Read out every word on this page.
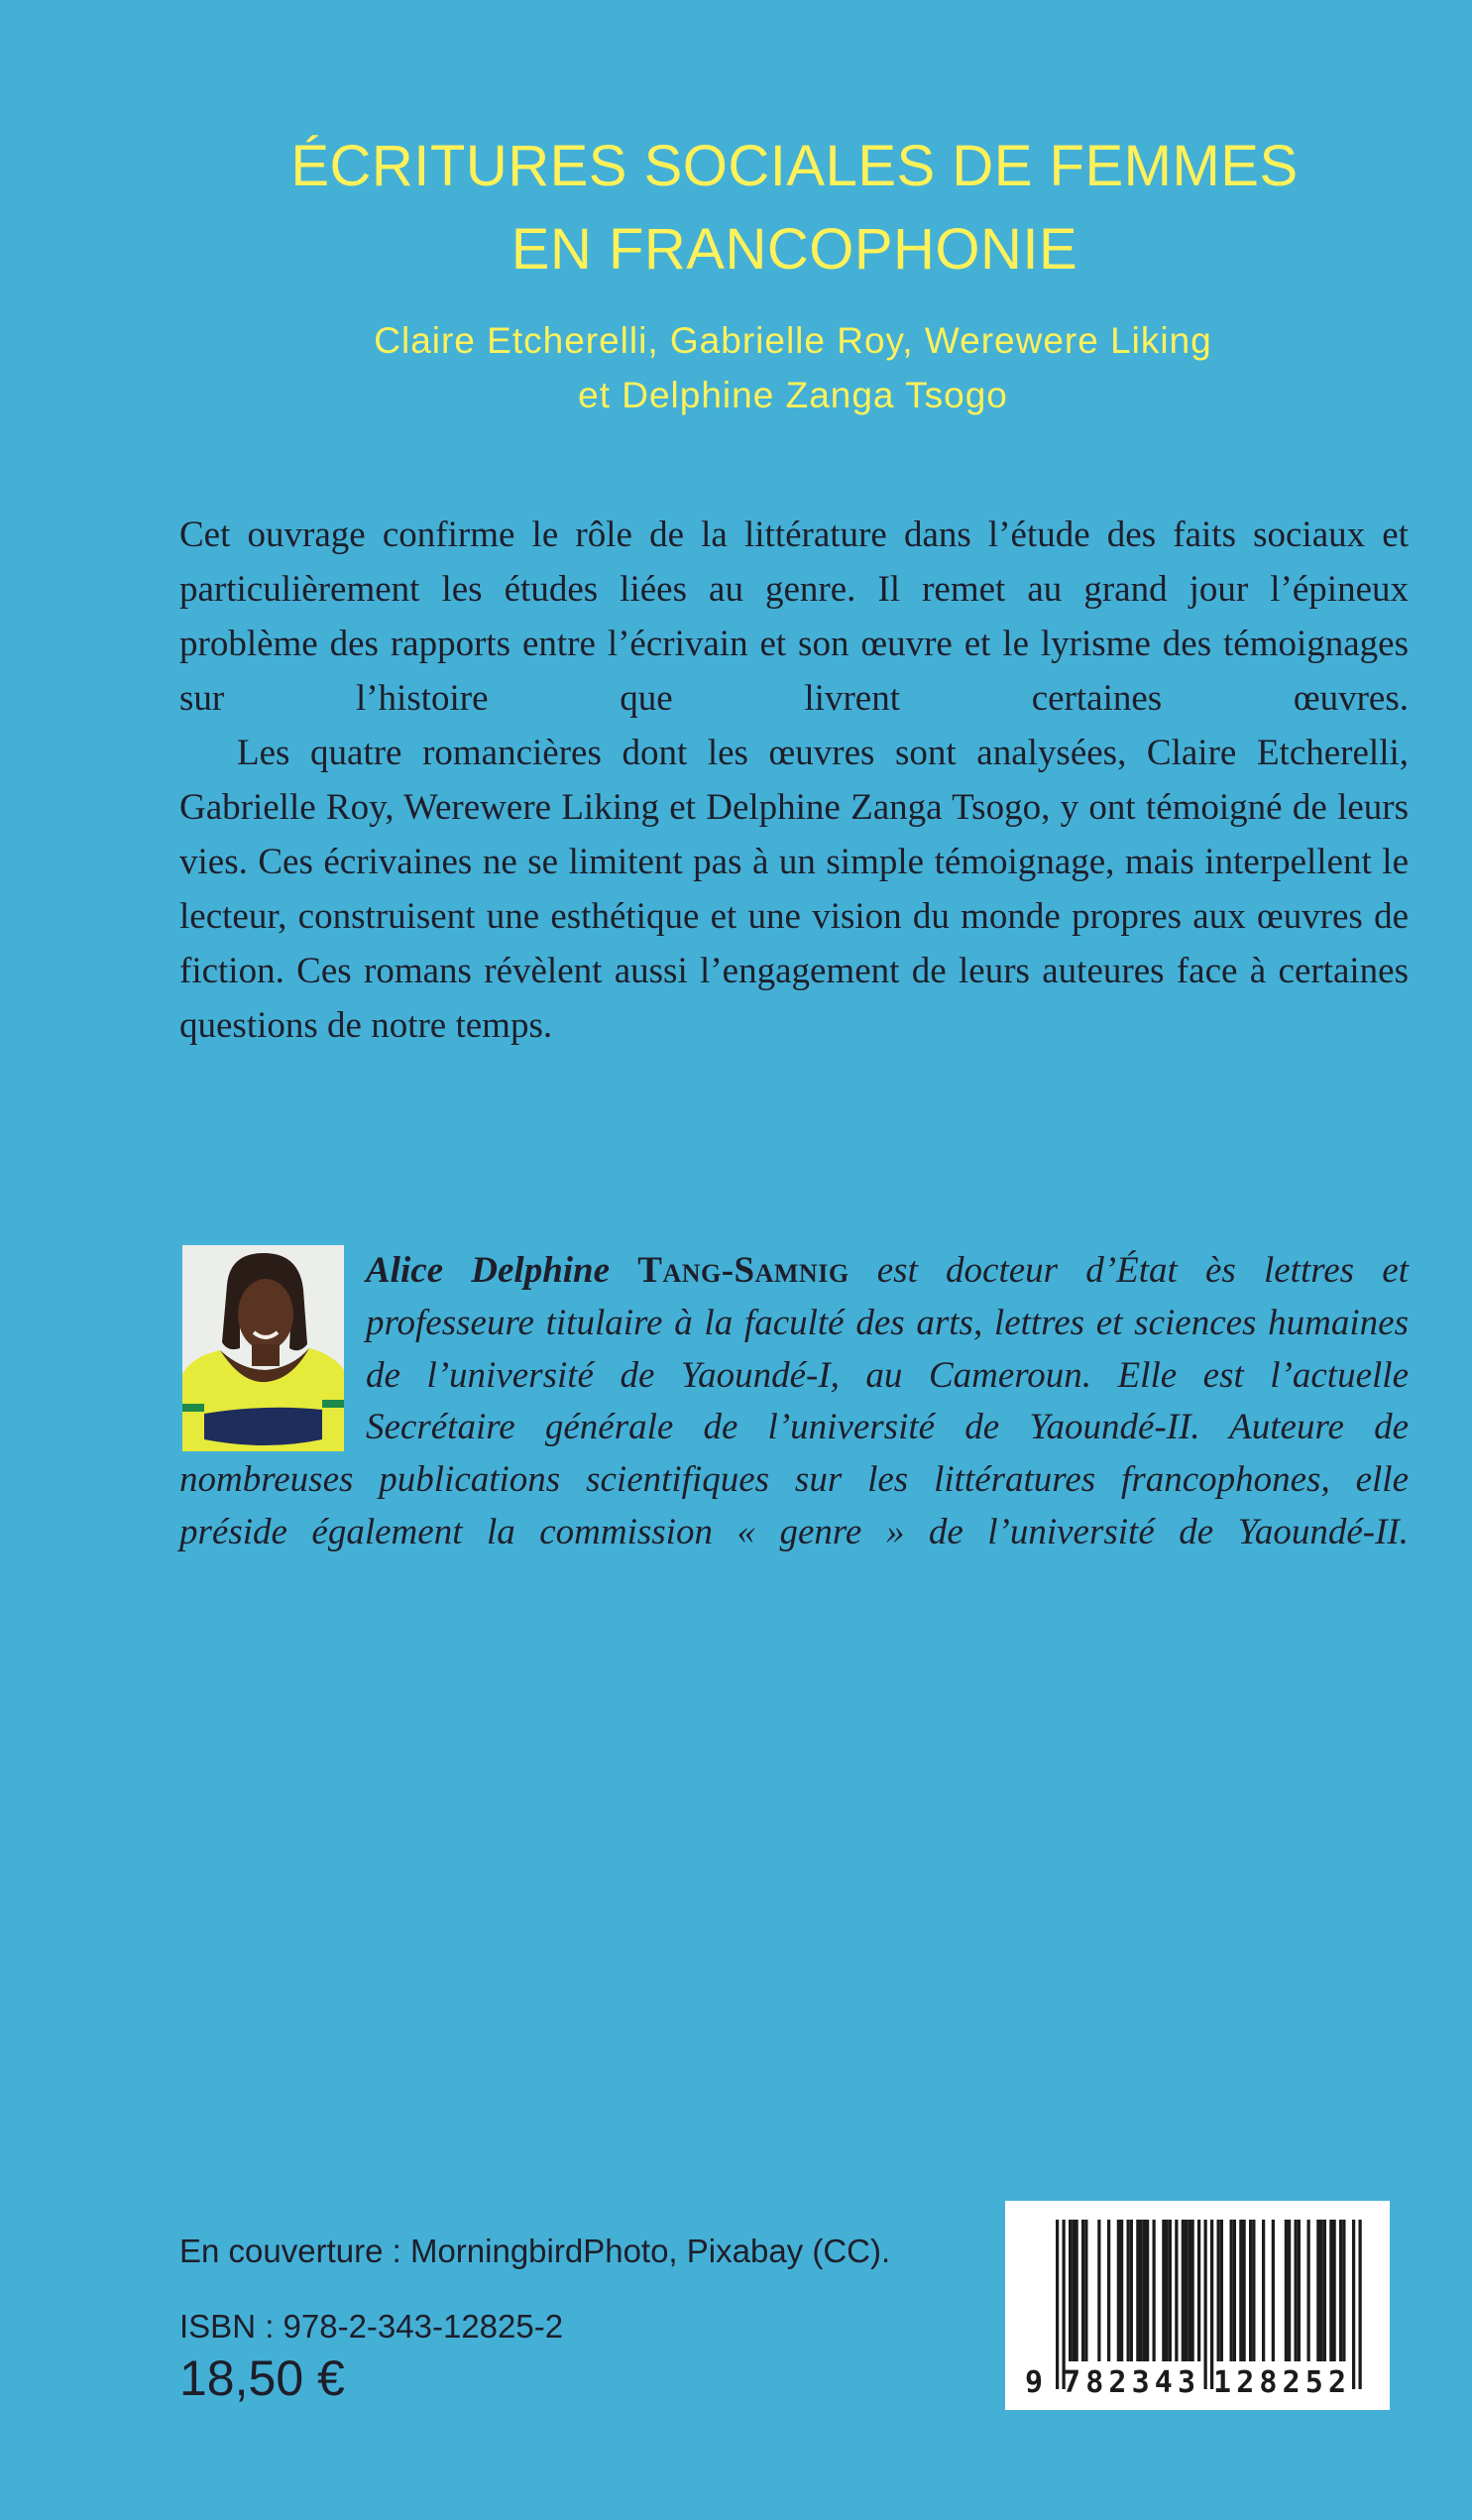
ÉCRITURES SOCIALES DE FEMMES
EN FRANCOPHONIE
Claire Etcherelli, Gabrielle Roy, Werewere Liking
et Delphine Zanga Tsogo

Cet ouvrage confirme le rôle de la littérature dans l’étude des faits sociaux et particulièrement les études liées au genre. Il remet au grand jour l’épineux problème des rapports entre l’écrivain et son œuvre et le lyrisme des témoignages sur l’histoire que livrent certaines œuvres.

Les quatre romancières dont les œuvres sont analysées, Claire Etcherelli, Gabrielle Roy, Werewere Liking et Delphine Zanga Tsogo, y ont témoigné de leurs vies. Ces écrivaines ne se limitent pas à un simple témoignage, mais interpellent le lecteur, construisent une esthétique et une vision du monde propres aux œuvres de fiction. Ces romans révèlent aussi l’engagement de leurs auteures face à certaines questions de notre temps.

Alice Delphine Tang-Samnig est docteur d’État ès lettres et professeure titulaire à la faculté des arts, lettres et sciences humaines de l’université de Yaoundé-I, au Cameroun. Elle est l’actuelle Secrétaire générale de l’université de Yaoundé-II. Auteure de nombreuses publications scientifiques sur les littératures francophones, elle préside également la commission « genre » de l’université de Yaoundé-II.
En couverture : MorningbirdPhoto, Pixabay (CC).
ISBN : 978-2-343-12825-2
18,50 €	9 782343 128252
